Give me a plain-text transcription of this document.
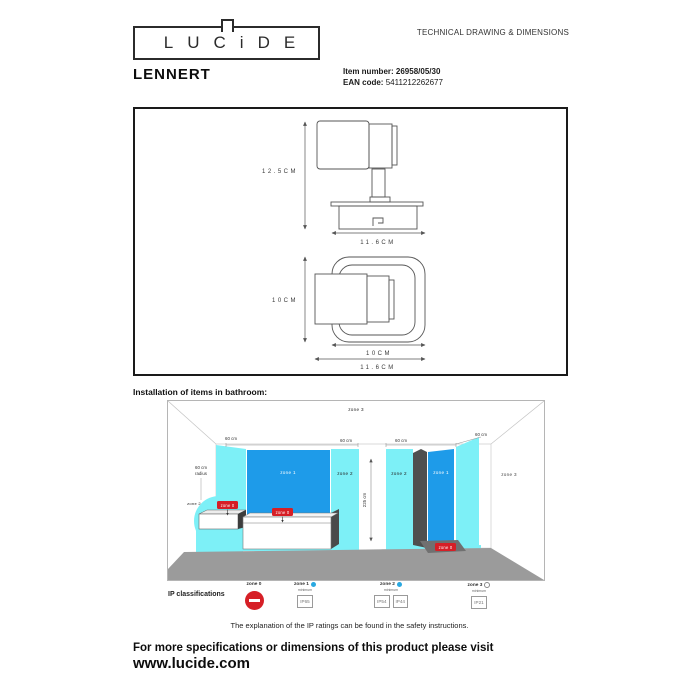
LUCiDE
TECHNICAL DRAWING & DIMENSIONS
LENNERT	Item number: 26958/05/30
EAN code: 5411212262677
12.5CM
11.6CM
10CM
10CM
11.6CM
Installation of items in bathroom:
225 cm
60 cm
radius
zone 3
60 cm	60 cm	60 cm
60 cm
zone 1	zone 2	zone 2	zone 1	zone 3
zone 2	zone 0
zone 0
zone 0
IP classifications
zone 0	zone 1
minimum
IP65
zone 2
minimum
IP54	IP44
zone 3
minimum
IP21
The explanation of the IP ratings can be found in the safety instructions.
For more specifications or dimensions of this product please visit
www.lucide.com
